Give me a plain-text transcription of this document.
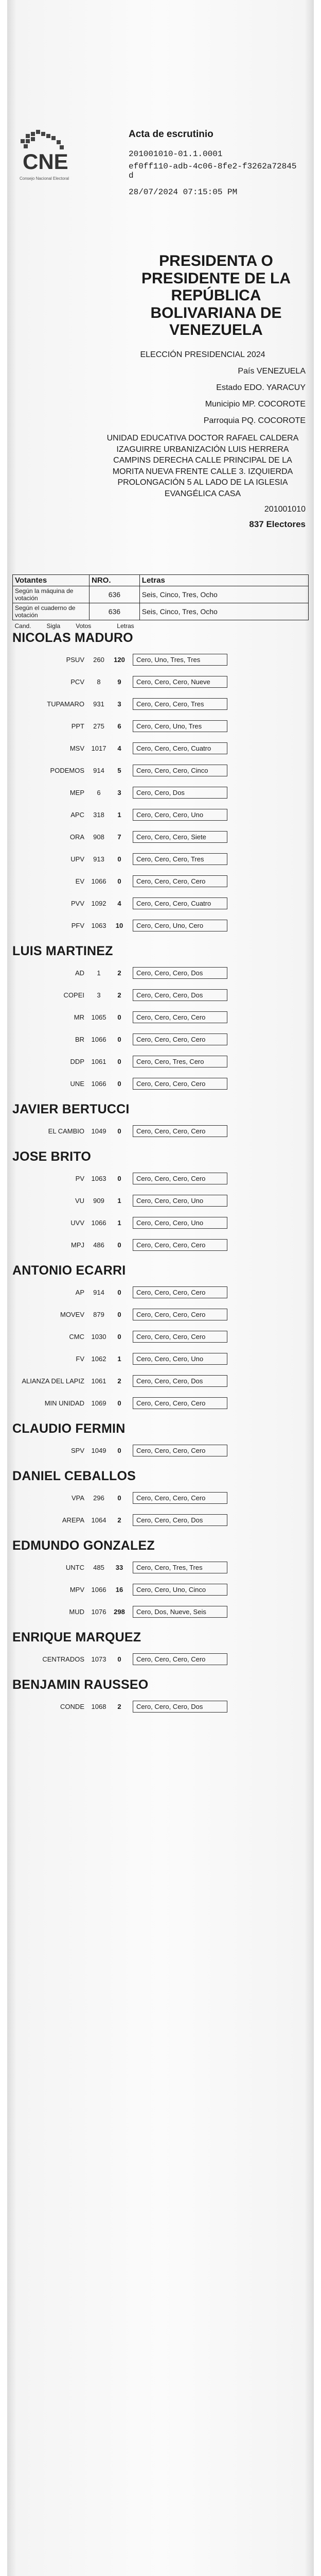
CNE
Consejo Nacional Electoral

Acta de escrutinio

201001010-01.1.0001

ef0ff110-adb-4c06-8fe2-f3262a72845d

28/07/2024 07:15:05 PM

PRESIDENTA O PRESIDENTE DE LA REPÚBLICA BOLIVARIANA DE VENEZUELA

ELECCIÓN PRESIDENCIAL 2024

País VENEZUELA

Estado EDO. YARACUY

Municipio MP. COCOROTE

Parroquia PQ. COCOROTE

UNIDAD EDUCATIVA DOCTOR RAFAEL CALDERA IZAGUIRRE URBANIZACIÓN LUIS HERRERA CAMPINS DERECHA CALLE PRINCIPAL DE LA MORITA NUEVA FRENTE CALLE 3. IZQUIERDA PROLONGACIÓN 5 AL LADO DE LA IGLESIA EVANGÉLICA CASA

201001010

837 Electores

Votantes	NRO.	Letras
Según la máquina de votación	636	Seis, Cinco, Tres, Ocho
Según el cuaderno de votación	636	Seis, Cinco, Tres, Ocho
Cand. Sigla Votos Letras		
NICOLAS MADURO
PSUV	260	120	Cero, Uno, Tres, Tres
PCV	8	9	Cero, Cero, Cero, Nueve
TUPAMARO	931	3	Cero, Cero, Cero, Tres
PPT	275	6	Cero, Cero, Uno, Tres
MSV	1017	4	Cero, Cero, Cero, Cuatro
PODEMOS	914	5	Cero, Cero, Cero, Cinco
MEP	6	3	Cero, Cero, Dos
APC	318	1	Cero, Cero, Cero, Uno
ORA	908	7	Cero, Cero, Cero, Siete
UPV	913	0	Cero, Cero, Cero, Tres
EV	1066	0	Cero, Cero, Cero, Cero
PVV	1092	4	Cero, Cero, Cero, Cuatro
PFV	1063	10	Cero, Cero, Uno, Cero
LUIS MARTINEZ
AD	1	2	Cero, Cero, Cero, Dos
COPEI	3	2	Cero, Cero, Cero, Dos
MR	1065	0	Cero, Cero, Cero, Cero
BR	1066	0	Cero, Cero, Cero, Cero
DDP	1061	0	Cero, Cero, Tres, Cero
UNE	1066	0	Cero, Cero, Cero, Cero
JAVIER BERTUCCI
EL CAMBIO	1049	0	Cero, Cero, Cero, Cero
JOSE BRITO
PV	1063	0	Cero, Cero, Cero, Cero
VU	909	1	Cero, Cero, Cero, Uno
UVV	1066	1	Cero, Cero, Cero, Uno
MPJ	486	0	Cero, Cero, Cero, Cero
ANTONIO ECARRI
AP	914	0	Cero, Cero, Cero, Cero
MOVEV	879	0	Cero, Cero, Cero, Cero
CMC	1030	0	Cero, Cero, Cero, Cero
FV	1062	1	Cero, Cero, Cero, Uno
ALIANZA DEL LAPIZ	1061	2	Cero, Cero, Cero, Dos
MIN UNIDAD	1069	0	Cero, Cero, Cero, Cero
CLAUDIO FERMIN
SPV	1049	0	Cero, Cero, Cero, Cero
DANIEL CEBALLOS
VPA	296	0	Cero, Cero, Cero, Cero
AREPA	1064	2	Cero, Cero, Cero, Dos
EDMUNDO GONZALEZ
UNTC	485	33	Cero, Cero, Tres, Tres
MPV	1066	16	Cero, Cero, Uno, Cinco
MUD	1076	298	Cero, Dos, Nueve, Seis
ENRIQUE MARQUEZ
CENTRADOS	1073	0	Cero, Cero, Cero, Cero
BENJAMIN RAUSSEO
CONDE	1068	2	Cero, Cero, Cero, Dos
